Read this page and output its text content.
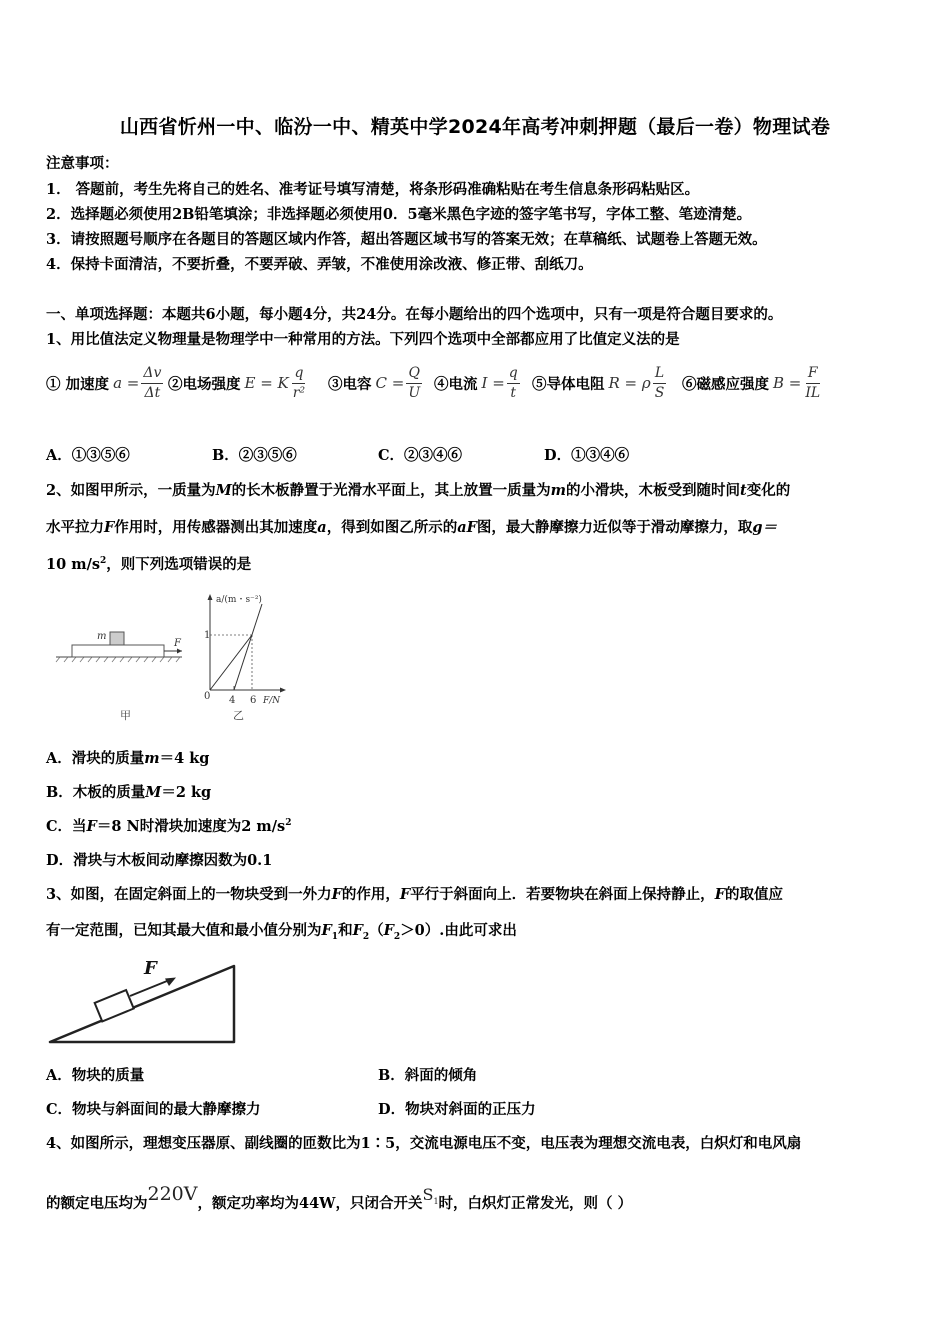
山西省忻州一中、临汾一中、精英中学2024年高考冲刺押题（最后一卷）物理试卷
注意事项：
1． 答题前，考生先将自己的姓名、准考证号填写清楚，将条形码准确粘贴在考生信息条形码粘贴区。
2．选择题必须使用2B铅笔填涂；非选择题必须使用0．5毫米黑色字迹的签字笔书写，字体工整、笔迹清楚。
3．请按照题号顺序在各题目的答题区域内作答，超出答题区域书写的答案无效；在草稿纸、试题卷上答题无效。
4．保持卡面清洁，不要折叠，不要弄破、弄皱，不准使用涂改液、修正带、刮纸刀。
一、单项选择题：本题共6小题，每小题4分，共24分。在每小题给出的四个选项中，只有一项是符合题目要求的。
1、用比值法定义物理量是物理学中一种常用的方法。下列四个选项中全部都应用了比值定义法的是
① 加速度 $a = \frac{\Delta v}{\Delta t}$ ②电场强度 E = K $\frac{q}{\text{r²}}$ ③电容 $C = \frac{Q}{U}$ ④电流 $I = \frac{q}{t}$ ⑤导体电阻 R = ρ $\frac{L}{S}$ ⑥磁感应强度 $B = \frac{F}{IL}$
A．①③⑤⑥	B．②③⑤⑥	C．②③④⑥	D．①③④⑥
2、如图甲所示，一质量为M的长木板静置于光滑水平面上，其上放置一质量为m的小滑块，木板受到随时间t变化的
水平拉力F作用时，用传感器测出其加速度a，得到如图乙所示的aF图，最大静摩擦力近似等于滑动摩擦力，取g＝
10 $m/s^2$，则下列选项错误的是
m
F
甲
a/(m・s⁻²)
F/N
0
1
4 6
乙
A．滑块的质量m＝4 kg
B．木板的质量M＝2 kg
C．当F＝8 N时滑块加速度为2 $m/s^2$
D．滑块与木板间动摩擦因数为0.1
3、如图，在固定斜面上的一物块受到一外力F的作用，F平行于斜面向上．若要物块在斜面上保持静止，F的取值应
有一定范围，已知其最大值和最小值分别为$F_1$和$F_2(F_2>0)$.由此可求出
F
A．物块的质量	B．斜面的倾角
C．物块与斜面间的最大静摩擦力	D．物块对斜面的正压力
4、如图所示，理想变压器原、副线圈的匝数比为1∶5，交流电源电压不变，电压表为理想交流电表，白炽灯和电风扇
的额定电压均为220V，额定功率均为44W，只闭合开关$S_1$时，白炽灯正常发光，则（ ）
